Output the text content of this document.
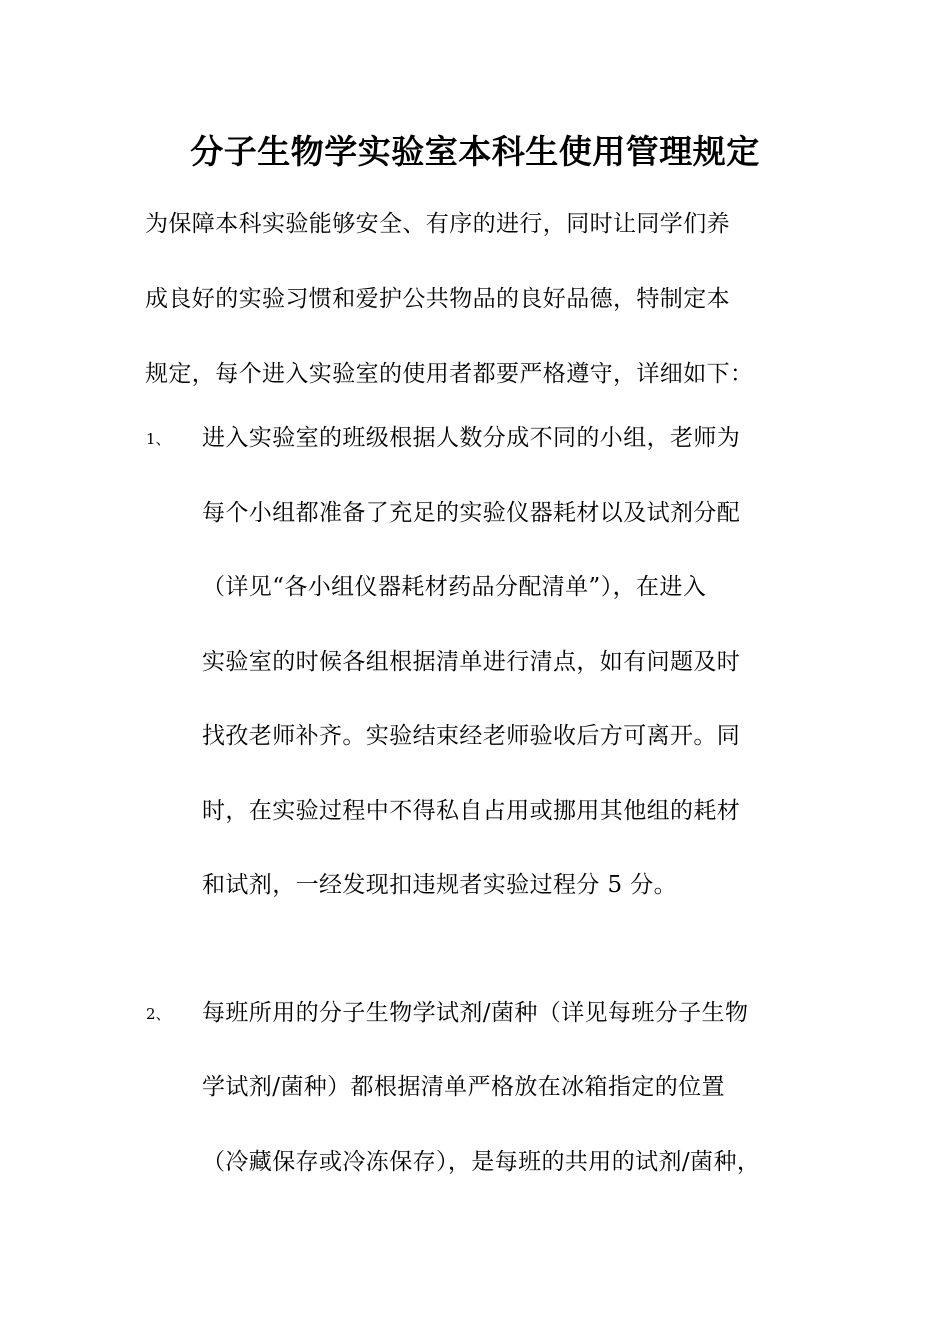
分子生物学实验室本科生使用管理规定
为保障本科实验能够安全、有序的进行，同时让同学们养
成良好的实验习惯和爱护公共物品的良好品德，特制定本
规定，每个进入实验室的使用者都要严格遵守，详细如下：
1、 进入实验室的班级根据人数分成不同的小组，老师为
每个小组都准备了充足的实验仪器耗材以及试剂分配
（详见“各小组仪器耗材药品分配清单”），在进入
实验室的时候各组根据清单进行清点，如有问题及时
找孜老师补齐。实验结束经老师验收后方可离开。同
时，在实验过程中不得私自占用或挪用其他组的耗材
和试剂，一经发现扣违规者实验过程分 5 分。
2、 每班所用的分子生物学试剂/菌种（详见每班分子生物
学试剂/菌种）都根据清单严格放在冰箱指定的位置
（冷藏保存或冷冻保存），是每班的共用的试剂/菌种，
